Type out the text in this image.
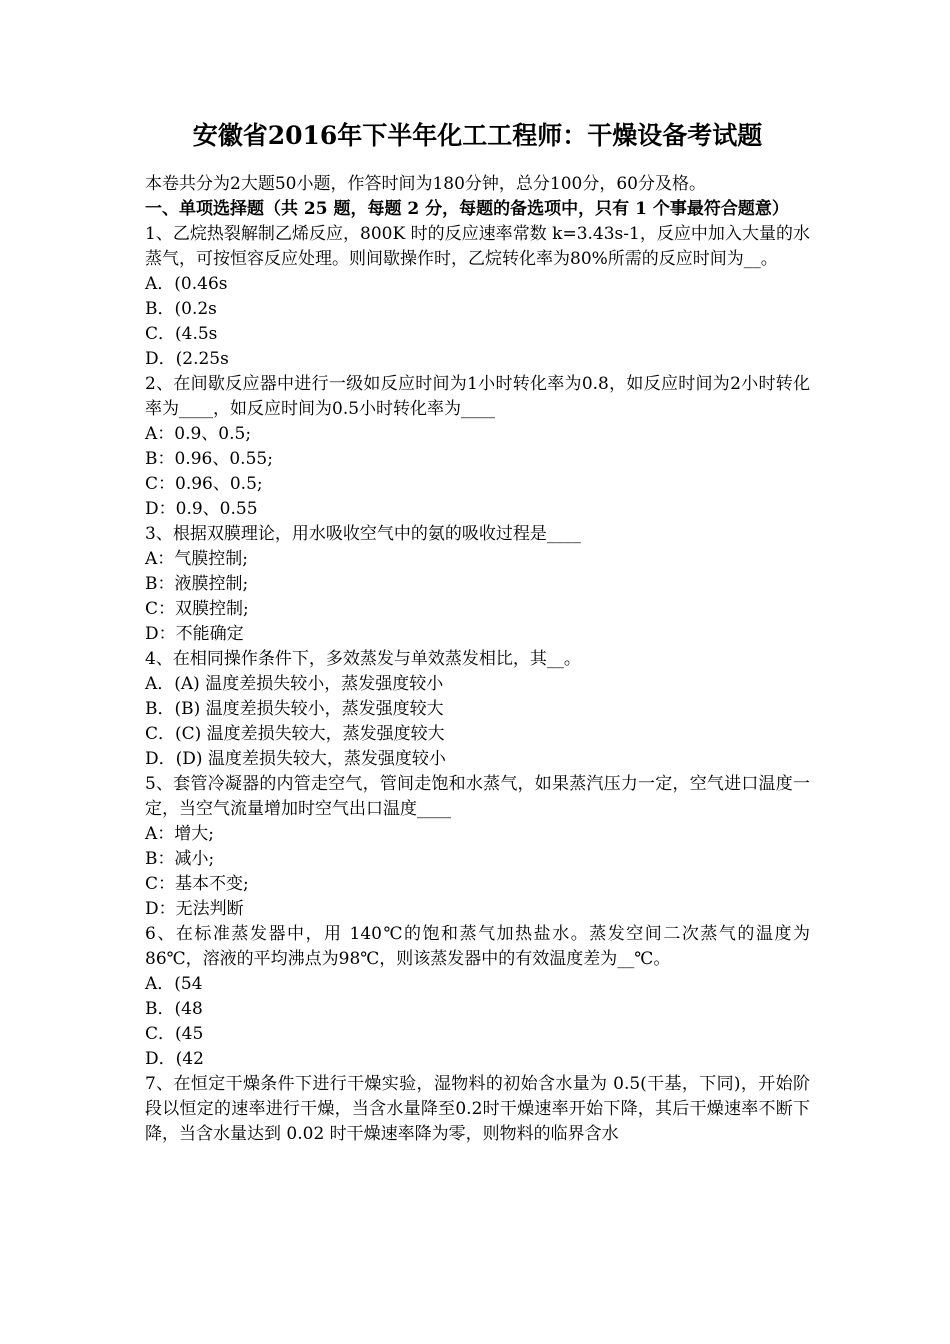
安徽省2016年下半年化工工程师：干燥设备考试题
本卷共分为2大题50小题，作答时间为180分钟，总分100分，60分及格。
一、单项选择题（共 25 题，每题 2 分，每题的备选项中，只有 1 个事最符合题意）
1、乙烷热裂解制乙烯反应，800K 时的反应速率常数 k=3.43s-1，反应中加入大量的水蒸气，可按恒容反应处理。则间歇操作时，乙烷转化率为80%所需的反应时间为__。
A．(0.46s
B．(0.2s
C．(4.5s
D．(2.25s
2、在间歇反应器中进行一级如反应时间为1小时转化率为0.8，如反应时间为2小时转化率为____，如反应时间为0.5小时转化率为____
A：0.9、0.5;
B：0.96、0.55;
C：0.96、0.5;
D：0.9、0.55
3、根据双膜理论，用水吸收空气中的氨的吸收过程是____
A：气膜控制;
B：液膜控制;
C：双膜控制;
D：不能确定
4、在相同操作条件下，多效蒸发与单效蒸发相比，其__。
A．(A) 温度差损失较小，蒸发强度较小
B．(B) 温度差损失较小，蒸发强度较大
C．(C) 温度差损失较大，蒸发强度较大
D．(D) 温度差损失较大，蒸发强度较小
5、套管冷凝器的内管走空气，管间走饱和水蒸气，如果蒸汽压力一定，空气进口温度一定，当空气流量增加时空气出口温度____
A：增大;
B：减小;
C：基本不变;
D：无法判断
6、在标准蒸发器中，用 140℃的饱和蒸气加热盐水。蒸发空间二次蒸气的温度为86℃，溶液的平均沸点为98℃，则该蒸发器中的有效温度差为__℃。
A．(54
B．(48
C．(45
D．(42
7、在恒定干燥条件下进行干燥实验，湿物料的初始含水量为 0.5(干基，下同)，开始阶段以恒定的速率进行干燥，当含水量降至0.2时干燥速率开始下降，其后干燥速率不断下降，当含水量达到 0.02 时干燥速率降为零，则物料的临界含水
